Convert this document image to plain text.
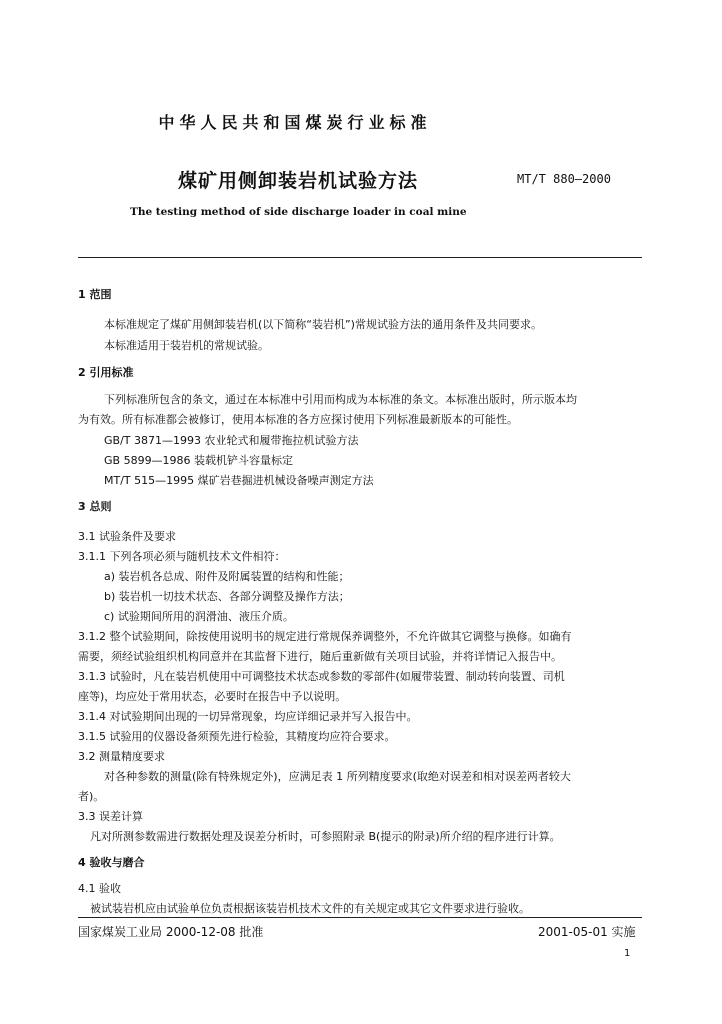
中华人民共和国煤炭行业标准
煤矿用侧卸装岩机试验方法	MT/T 880—2000
The testing method of side discharge loader in coal mine
1 范围
本标准规定了煤矿用侧卸装岩机(以下简称“装岩机”)常规试验方法的通用条件及共同要求。
本标准适用于装岩机的常规试验。
2 引用标准
下列标准所包含的条文，通过在本标准中引用而构成为本标准的条文。本标准出版时，所示版本均
为有效。所有标准都会被修订，使用本标准的各方应探讨使用下列标准最新版本的可能性。
GB/T 3871—1993 农业轮式和履带拖拉机试验方法
GB 5899—1986 装载机铲斗容量标定
MT/T 515—1995 煤矿岩巷掘进机械设备噪声测定方法
3 总则
3.1 试验条件及要求
3.1.1 下列各项必须与随机技术文件相符：
a) 装岩机各总成、附件及附属装置的结构和性能；
b) 装岩机一切技术状态、各部分调整及操作方法；
c) 试验期间所用的润滑油、液压介质。
3.1.2 整个试验期间，除按使用说明书的规定进行常规保养调整外，不允许做其它调整与换修。如确有
需要，须经试验组织机构同意并在其监督下进行，随后重新做有关项目试验，并将详情记入报告中。
3.1.3 试验时，凡在装岩机使用中可调整技术状态或参数的零部件(如履带装置、制动转向装置、司机
座等)，均应处于常用状态，必要时在报告中予以说明。
3.1.4 对试验期间出现的一切异常现象，均应详细记录并写入报告中。
3.1.5 试验用的仪器设备须预先进行检验，其精度均应符合要求。
3.2 测量精度要求
对各种参数的测量(除有特殊规定外)，应满足表 1 所列精度要求(取绝对误差和相对误差两者较大
者)。
3.3 误差计算
凡对所测参数需进行数据处理及误差分析时，可参照附录 B(提示的附录)所介绍的程序进行计算。
4 验收与磨合
4.1 验收
被试装岩机应由试验单位负责根据该装岩机技术文件的有关规定或其它文件要求进行验收。
国家煤炭工业局 2000-12-08 批准	2001-05-01 实施
1
